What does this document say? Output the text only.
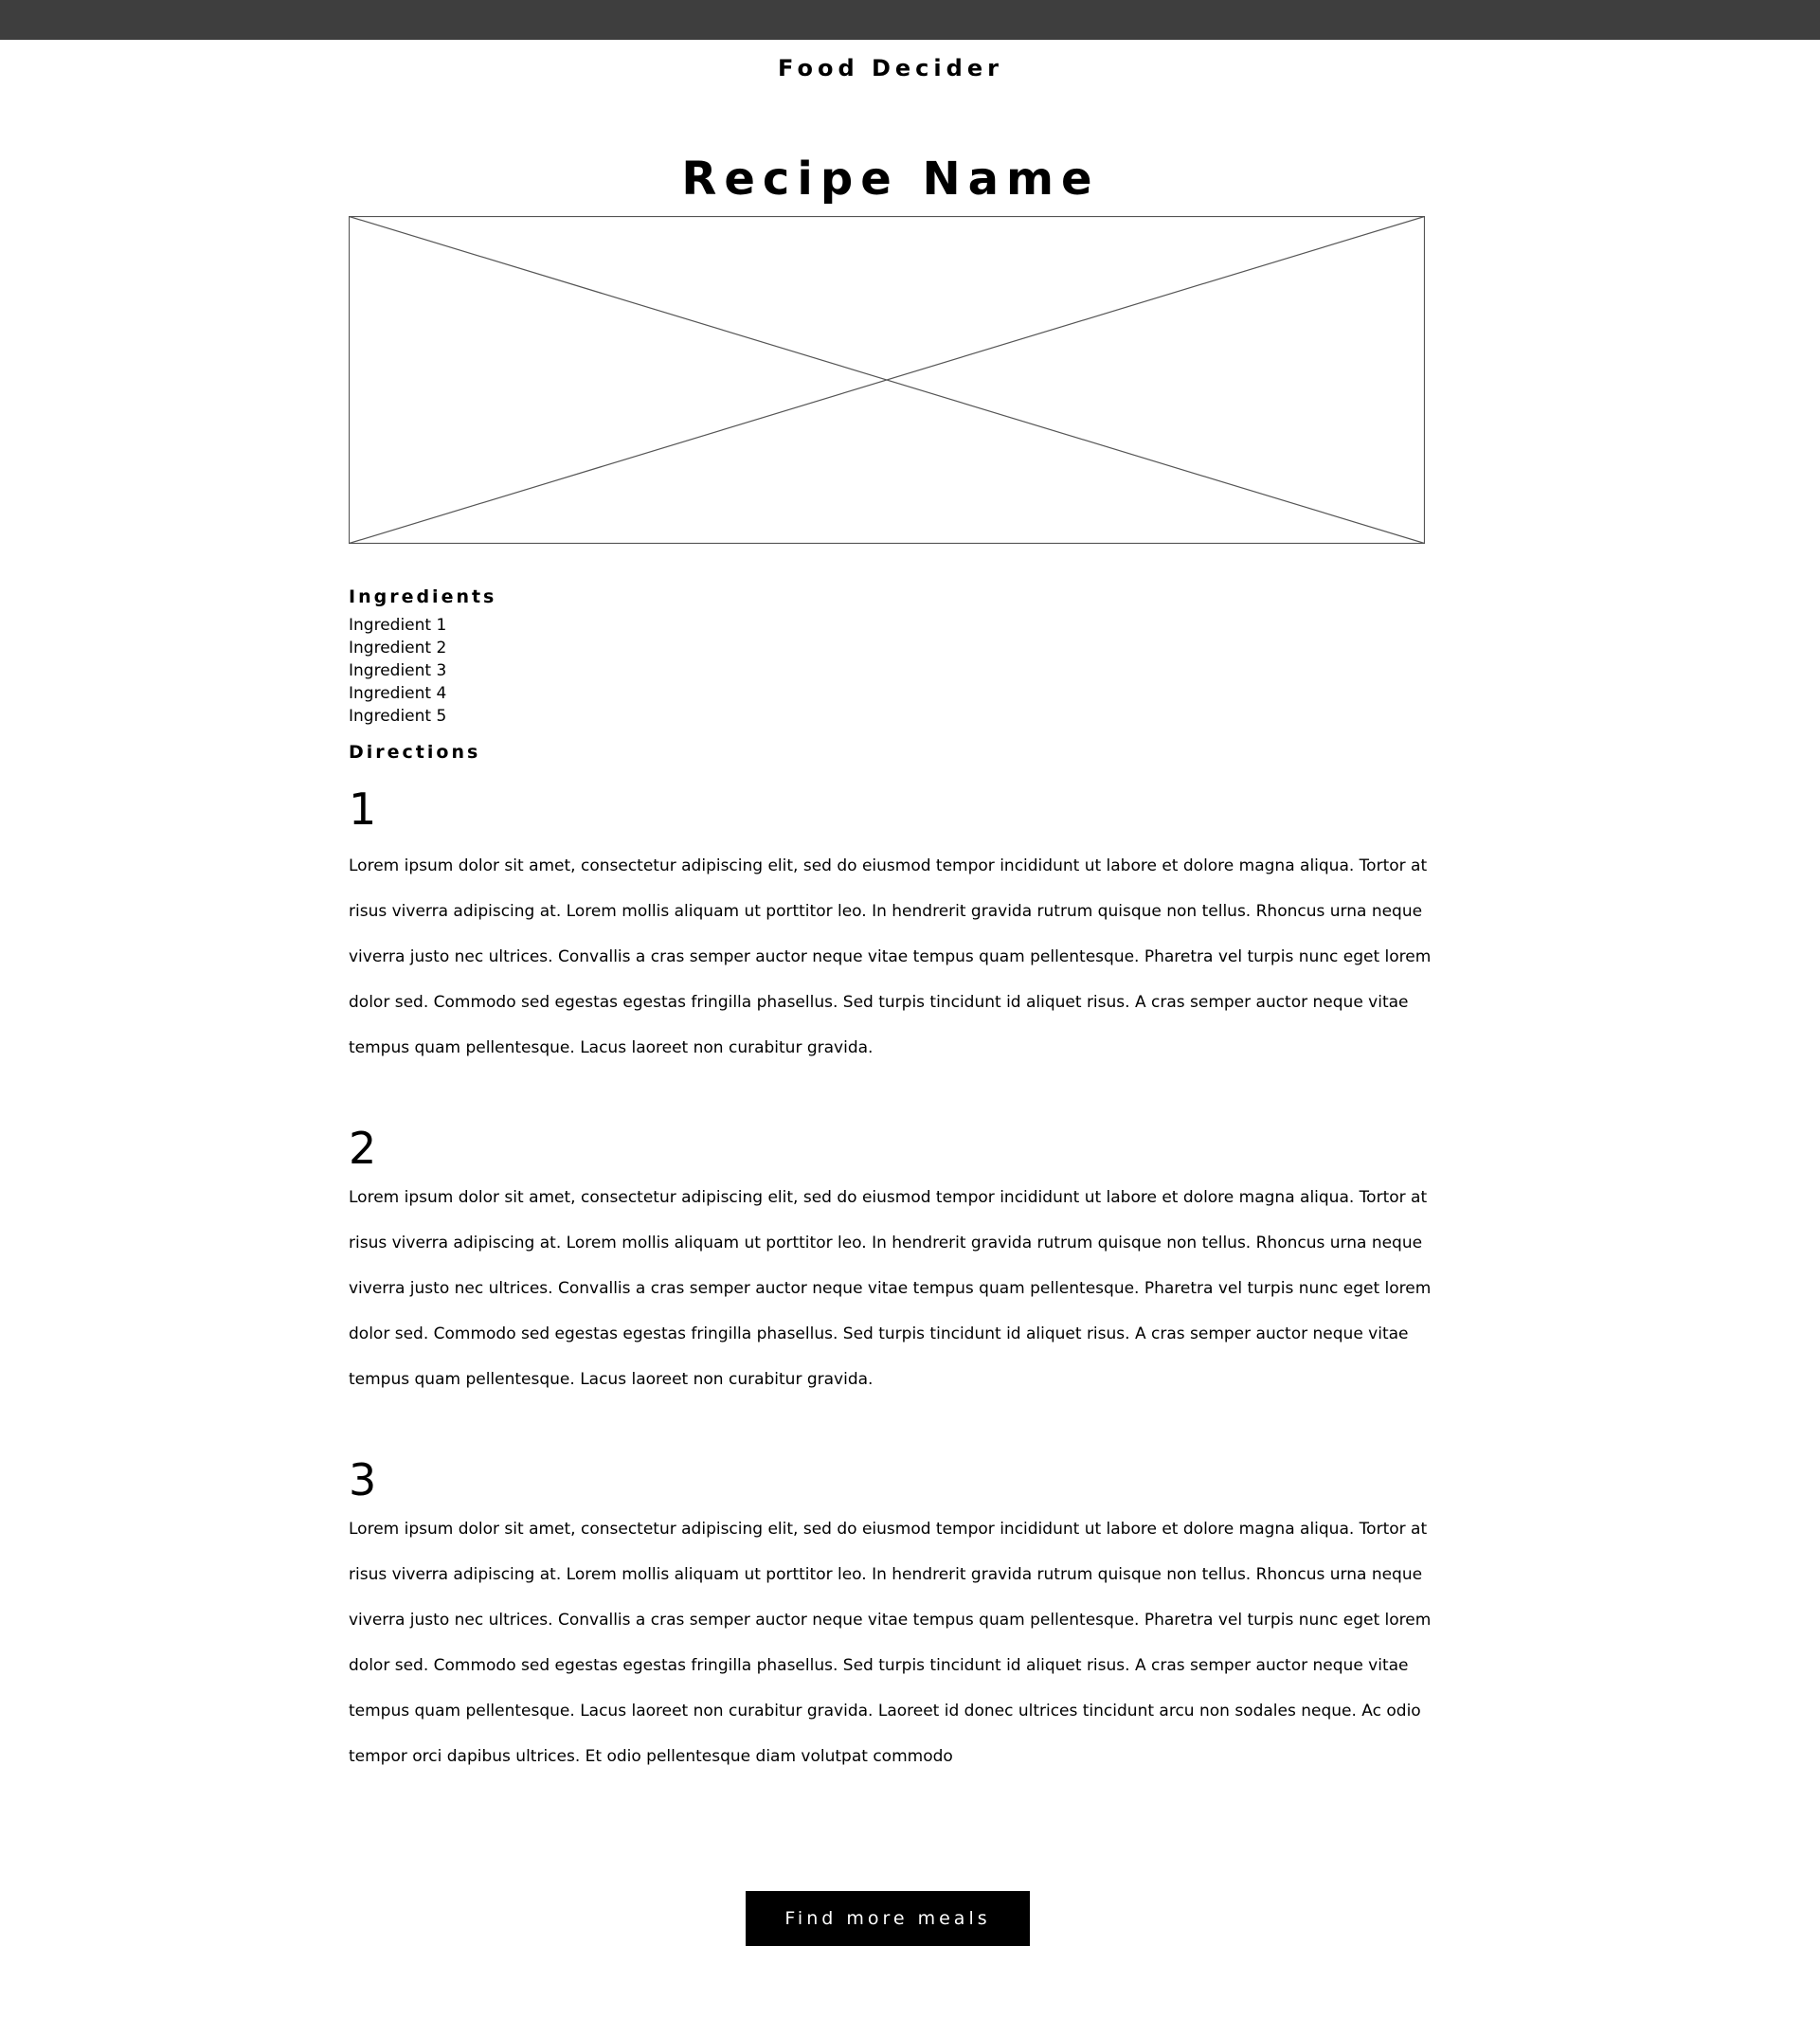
Food Decider
Recipe Name
Ingredients
Ingredient 1
Ingredient 2
Ingredient 3
Ingredient 4
Ingredient 5
Directions
1

Lorem ipsum dolor sit amet, consectetur adipiscing elit, sed do eiusmod tempor incididunt ut labore et dolore magna aliqua. Tortor at risus viverra adipiscing at. Lorem mollis aliquam ut porttitor leo. In hendrerit gravida rutrum quisque non tellus. Rhoncus urna neque viverra justo nec ultrices. Convallis a cras semper auctor neque vitae tempus quam pellentesque. Pharetra vel turpis nunc eget lorem dolor sed. Commodo sed egestas egestas fringilla phasellus. Sed turpis tincidunt id aliquet risus. A cras semper auctor neque vitae tempus quam pellentesque. Lacus laoreet non curabitur gravida.

2

Lorem ipsum dolor sit amet, consectetur adipiscing elit, sed do eiusmod tempor incididunt ut labore et dolore magna aliqua. Tortor at risus viverra adipiscing at. Lorem mollis aliquam ut porttitor leo. In hendrerit gravida rutrum quisque non tellus. Rhoncus urna neque viverra justo nec ultrices. Convallis a cras semper auctor neque vitae tempus quam pellentesque. Pharetra vel turpis nunc eget lorem dolor sed. Commodo sed egestas egestas fringilla phasellus. Sed turpis tincidunt id aliquet risus. A cras semper auctor neque vitae tempus quam pellentesque. Lacus laoreet non curabitur gravida.

3

Lorem ipsum dolor sit amet, consectetur adipiscing elit, sed do eiusmod tempor incididunt ut labore et dolore magna aliqua. Tortor at risus viverra adipiscing at. Lorem mollis aliquam ut porttitor leo. In hendrerit gravida rutrum quisque non tellus. Rhoncus urna neque viverra justo nec ultrices. Convallis a cras semper auctor neque vitae tempus quam pellentesque. Pharetra vel turpis nunc eget lorem dolor sed. Commodo sed egestas egestas fringilla phasellus. Sed turpis tincidunt id aliquet risus. A cras semper auctor neque vitae tempus quam pellentesque. Lacus laoreet non curabitur gravida. Laoreet id donec ultrices tincidunt arcu non sodales neque. Ac odio tempor orci dapibus ultrices. Et odio pellentesque diam volutpat commodo

Find more meals
